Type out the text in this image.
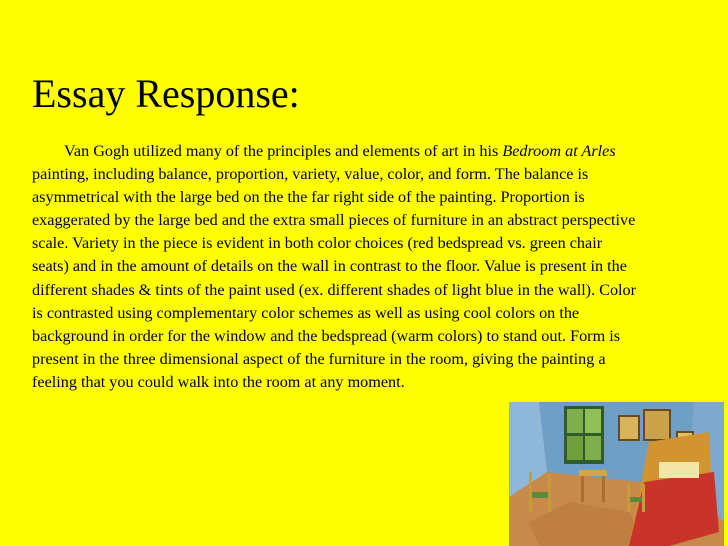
Essay Response:

Van Gogh utilized many of the principles and elements of art in his Bedroom at Arles painting, including balance, proportion, variety, value, color, and form. The balance is asymmetrical with the large bed on the the far right side of the painting. Proportion is exaggerated by the large bed and the extra small pieces of furniture in an abstract perspective scale. Variety in the piece is evident in both color choices (red bedspread vs. green chair seats) and in the amount of details on the wall in contrast to the floor. Value is present in the different shades & tints of the paint used (ex. different shades of light blue in the wall). Color is contrasted using complementary color schemes as well as using cool colors on the background in order for the window and the bedspread (warm colors) to stand out. Form is present in the three dimensional aspect of the furniture in the room, giving the painting a feeling that you could walk into the room at any moment.
